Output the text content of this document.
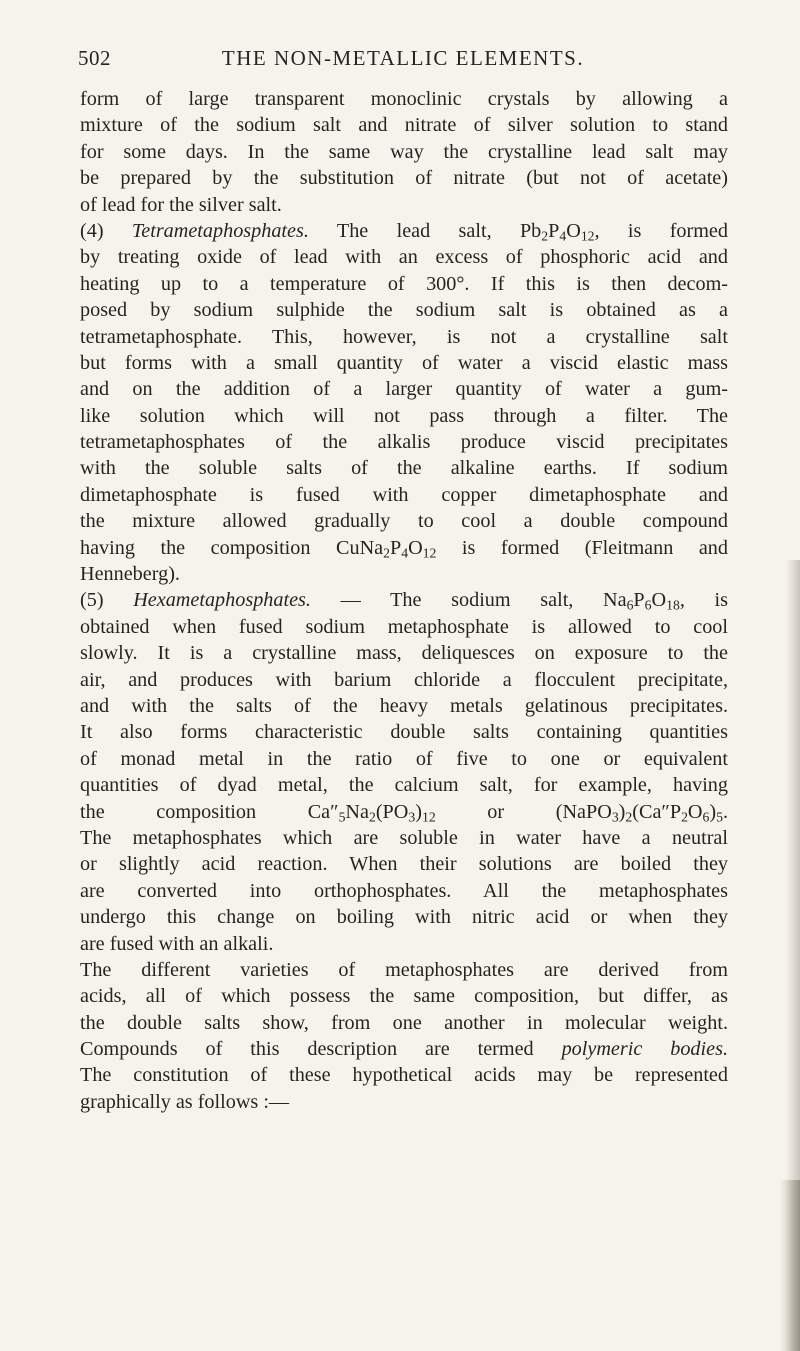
502	THE NON-METALLIC ELEMENTS.
form of large transparent monoclinic crystals by allowing a
mixture of the sodium salt and nitrate of silver solution to stand
for some days. In the same way the crystalline lead salt may
be prepared by the substitution of nitrate (but not of acetate)
of lead for the silver salt.
(4) Tetrametaphosphates. The lead salt, $Pb_2P_4O_{12}$, is formed
by treating oxide of lead with an excess of phosphoric acid and
heating up to a temperature of 300°. If this is then decom-
posed by sodium sulphide the sodium salt is obtained as a
tetrametaphosphate. This, however, is not a crystalline salt
but forms with a small quantity of water a viscid elastic mass
and on the addition of a larger quantity of water a gum-
like solution which will not pass through a filter. The
tetrametaphosphates of the alkalis produce viscid precipitates
with the soluble salts of the alkaline earths. If sodium
dimetaphosphate is fused with copper dimetaphosphate and
the mixture allowed gradually to cool a double compound
having the composition $CuNa_2P_4O_{12}$ is formed (Fleitmann and
Henneberg).
(5) Hexametaphosphates. — The sodium salt, $Na_6P_6O_{18}$, is
obtained when fused sodium metaphosphate is allowed to cool
slowly. It is a crystalline mass, deliquesces on exposure to the
air, and produces with barium chloride a flocculent precipitate,
and with the salts of the heavy metals gelatinous precipitates.
It also forms characteristic double salts containing quantities
of monad metal in the ratio of five to one or equivalent
quantities of dyad metal, the calcium salt, for example, having
the composition $Ca''_5Na_2(PO_3)_{12}$ or $(NaPO_3)_2(Ca''P_2O_6)_5$.
The metaphosphates which are soluble in water have a neutral
or slightly acid reaction. When their solutions are boiled they
are converted into orthophosphates. All the metaphosphates
undergo this change on boiling with nitric acid or when they
are fused with an alkali.
The different varieties of metaphosphates are derived from
acids, all of which possess the same composition, but differ, as
the double salts show, from one another in molecular weight.
Compounds of this description are termed polymeric bodies.
The constitution of these hypothetical acids may be represented
graphically as follows :—
